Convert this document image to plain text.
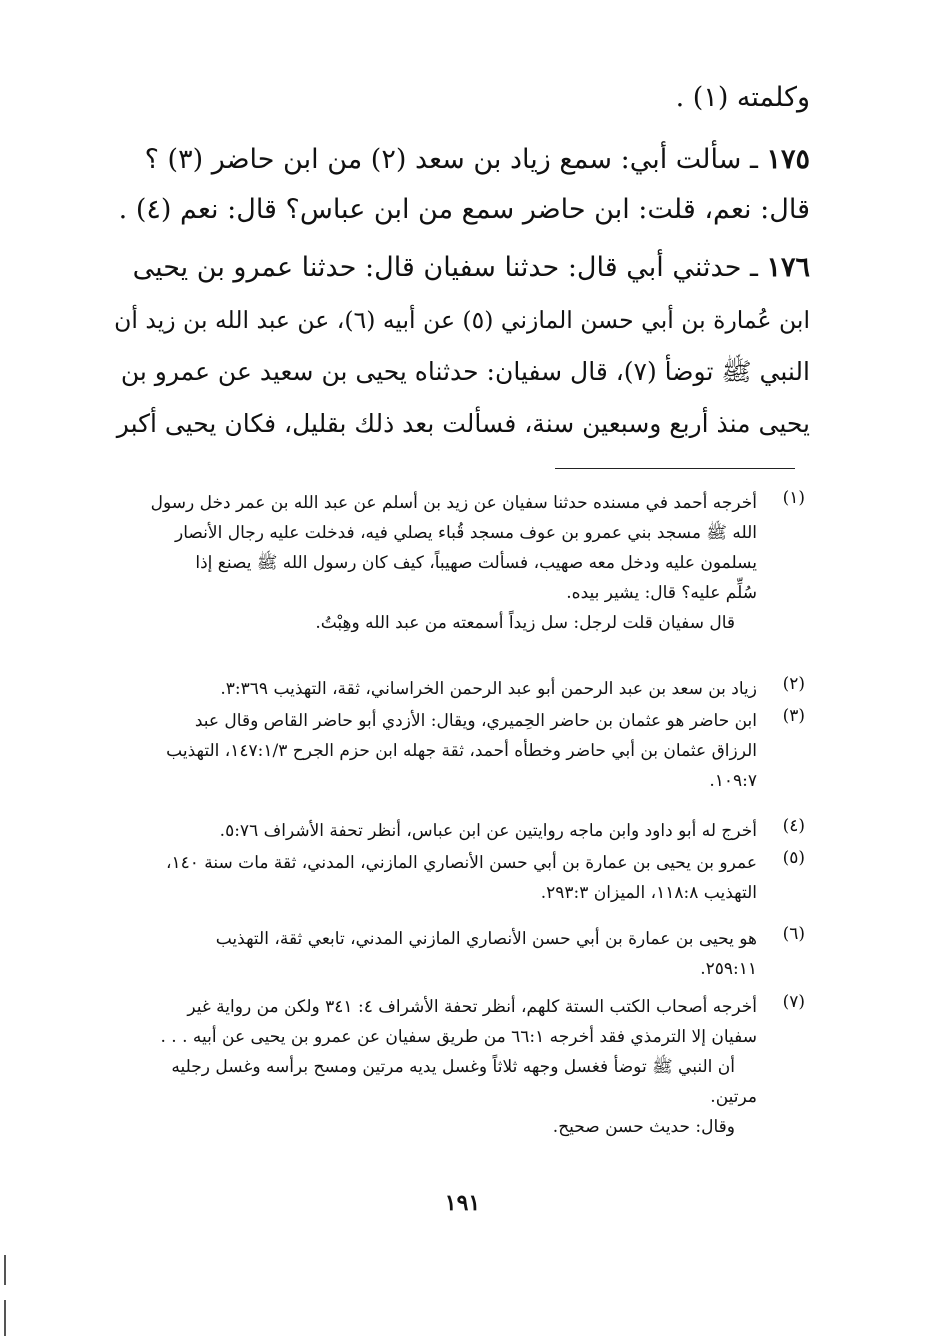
وكلمته (١) .
١٧٥ ـ سألت أبي: سمع زياد بن سعد (٢) من ابن حاضر (٣) ؟
قال: نعم، قلت: ابن حاضر سمع من ابن عباس؟ قال: نعم (٤) .
١٧٦ ـ حدثني أبي قال: حدثنا سفيان قال: حدثنا عمرو بن يحيى
ابن عُمارة بن أبي حسن المازني (٥) عن أبيه (٦)، عن عبد الله بن زيد أن
النبي ﷺ توضأ (٧)، قال سفيان: حدثناه يحيى بن سعيد عن عمرو بن
يحيى منذ أربع وسبعين سنة، فسألت بعد ذلك بقليل، فكان يحيى أكبر
(١)
أخرجه أحمد في مسنده حدثنا سفيان عن زيد بن أسلم عن عبد الله بن عمر دخل رسول
الله ﷺ مسجد بني عمرو بن عوف مسجد قُباء يصلي فيه، فدخلت عليه رجال الأنصار
يسلمون عليه ودخل معه صهيب، فسألت صهيباً، كيف كان رسول الله ﷺ يصنع إذا
سُلِّم عليه؟ قال: يشير بيده.
قال سفيان قلت لرجل: سل زيداً أسمعته من عبد الله وهِبْتُ.
(٢)
زياد بن سعد بن عبد الرحمن أبو عبد الرحمن الخراساني، ثقة، التهذيب ٣:٣٦٩.
(٣)
ابن حاضر هو عثمان بن حاضر الحِميري، ويقال: الأزدي أبو حاضر القاص وقال عبد
الرزاق عثمان بن أبي حاضر وخطأه أحمد، ثقة جهله ابن حزم الجرح ١٤٧:١/٣، التهذيب
١٠٩:٧.
(٤)
أخرج له أبو داود وابن ماجه روايتين عن ابن عباس، أنظر تحفة الأشراف ٥:٧٦.
(٥)
عمرو بن يحيى بن عمارة بن أبي حسن الأنصاري المازني، المدني، ثقة مات سنة ١٤٠،
التهذيب ١١٨:٨، الميزان ٢٩٣:٣.
(٦)
هو يحيى بن عمارة بن أبي حسن الأنصاري المازني المدني، تابعي ثقة، التهذيب
٢٥٩:١١.
(٧)
أخرجه أصحاب الكتب الستة كلهم، أنظر تحفة الأشراف ٤: ٣٤١ ولكن من رواية غير
سفيان إلا الترمذي فقد أخرجه ٦٦:١ من طريق سفيان عن عمرو بن يحيى عن أبيه . . .
أن النبي ﷺ توضأ فغسل وجهه ثلاثاً وغسل يديه مرتين ومسح برأسه وغسل رجليه
مرتين.
وقال: حديث حسن صحيح.
١٩١
